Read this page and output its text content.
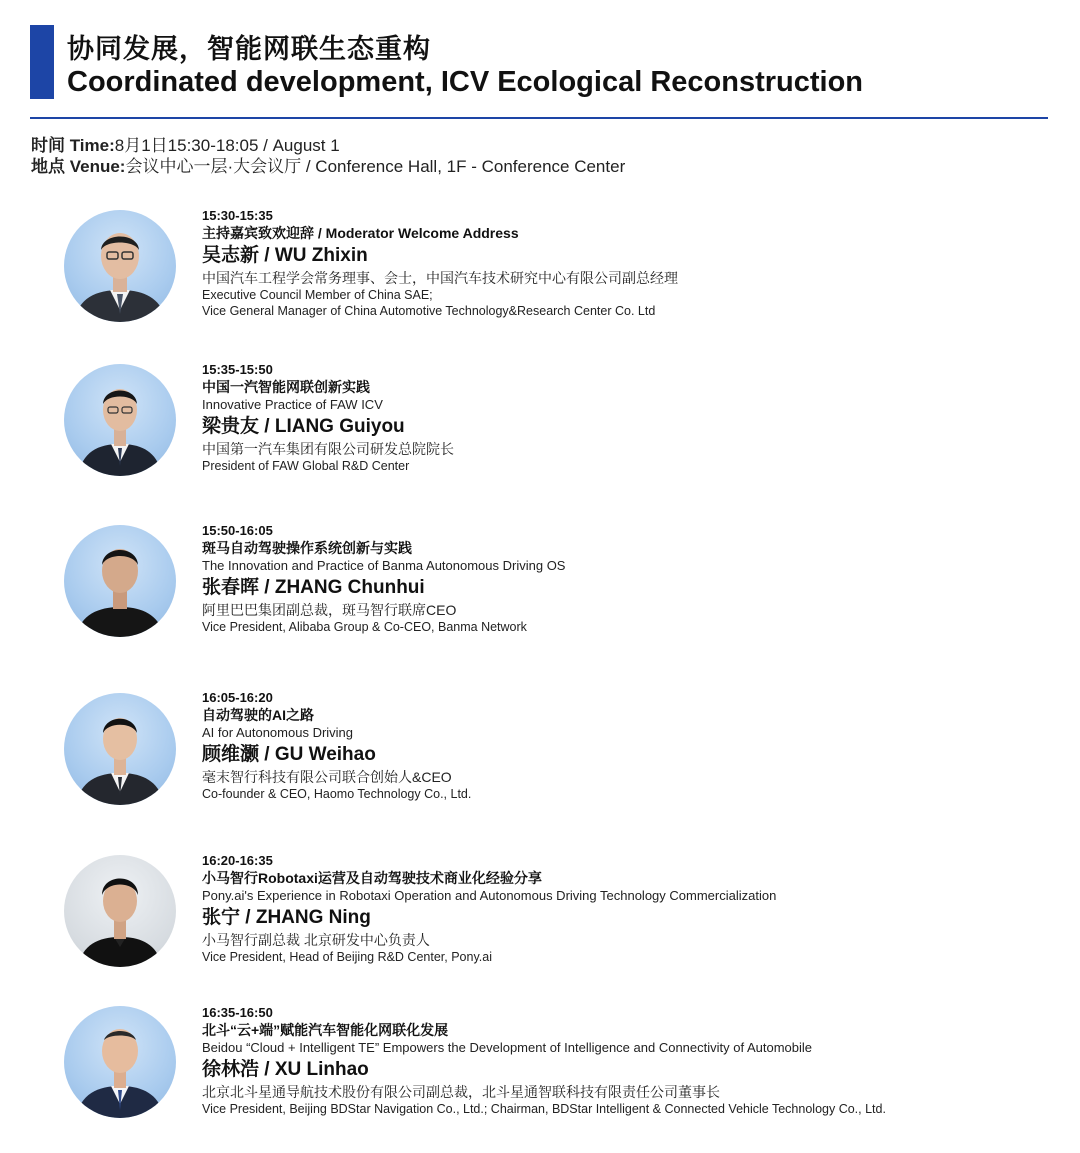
协同发展，智能网联生态重构
Coordinated development, ICV Ecological Reconstruction
时间 Time:8月1日15:30-18:05 / August 1
地点 Venue:会议中心一层·大会议厅 / Conference Hall, 1F - Conference Center
15:30-15:35
主持嘉宾致欢迎辞 / Moderator Welcome Address
吴志新 / WU Zhixin
中国汽车工程学会常务理事、会士，中国汽车技术研究中心有限公司副总经理
Executive Council Member of China SAE;
Vice General Manager of China Automotive Technology&Research Center Co. Ltd
15:35-15:50
中国一汽智能网联创新实践
Innovative Practice of FAW ICV
梁贵友 / LIANG Guiyou
中国第一汽车集团有限公司研发总院院长
President of FAW Global R&D Center
15:50-16:05
斑马自动驾驶操作系统创新与实践
The Innovation and Practice of Banma Autonomous Driving OS
张春晖 / ZHANG Chunhui
阿里巴巴集团副总裁，斑马智行联席CEO
Vice President, Alibaba Group & Co-CEO, Banma Network
16:05-16:20
自动驾驶的AI之路
AI for Autonomous Driving
顾维灏 / GU Weihao
毫末智行科技有限公司联合创始人&CEO
Co-founder & CEO, Haomo Technology Co., Ltd.
16:20-16:35
小马智行Robotaxi运营及自动驾驶技术商业化经验分享
Pony.ai's Experience in Robotaxi Operation and Autonomous Driving Technology Commercialization
张宁 / ZHANG Ning
小马智行副总裁 北京研发中心负责人
Vice President, Head of Beijing R&D Center, Pony.ai
16:35-16:50
北斗“云+端”赋能汽车智能化网联化发展
Beidou “Cloud + Intelligent TE” Empowers the Development of Intelligence and Connectivity of Automobile
徐林浩 / XU Linhao
北京北斗星通导航技术股份有限公司副总裁，北斗星通智联科技有限责任公司董事长
Vice President, Beijing BDStar Navigation Co., Ltd.; Chairman, BDStar Intelligent & Connected Vehicle Technology Co., Ltd.
